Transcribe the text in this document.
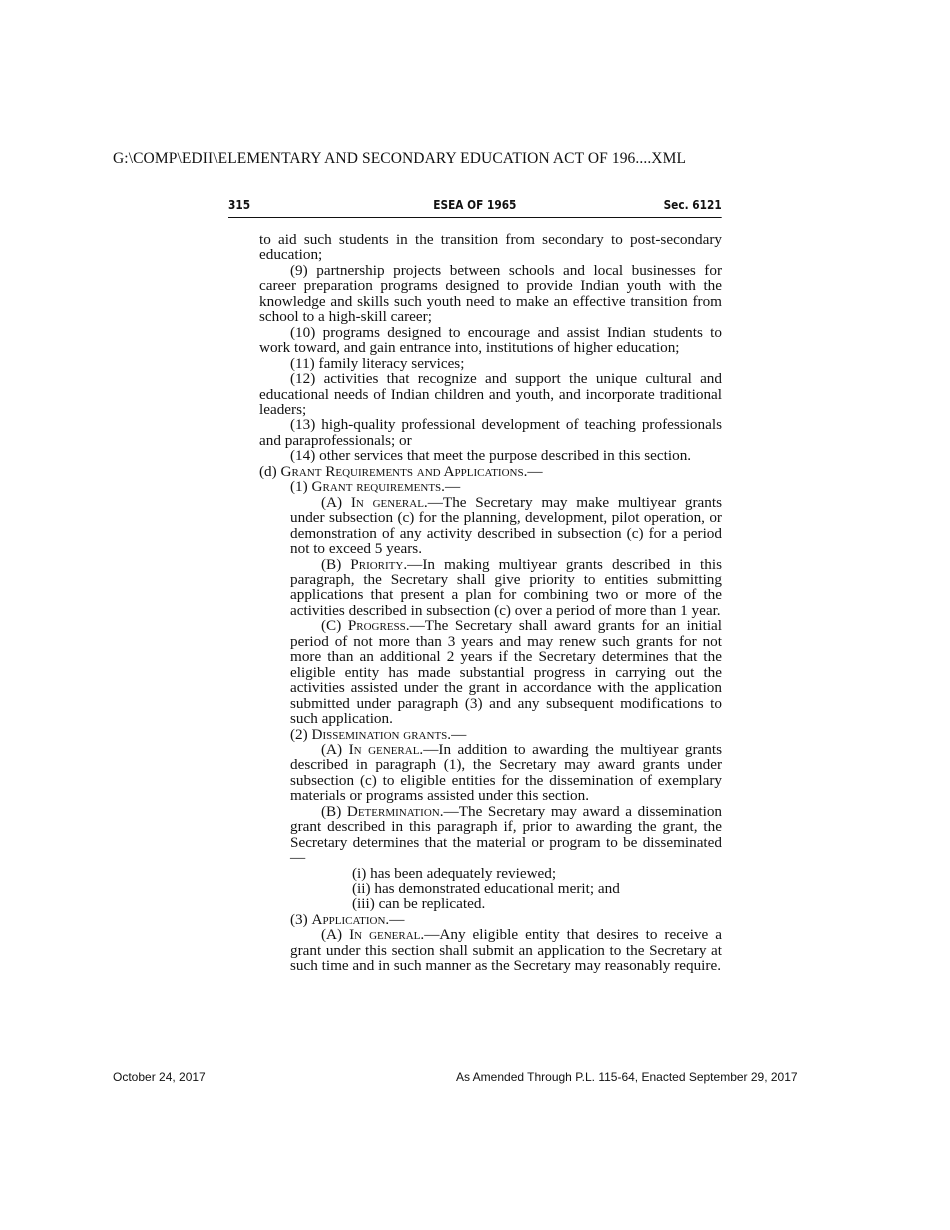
G:\COMP\EDII\ELEMENTARY AND SECONDARY EDUCATION ACT OF 196....XML
315	ESEA OF 1965	Sec. 6121

to aid such students in the transition from secondary to post-secondary education;

(9) partnership projects between schools and local businesses for career preparation programs designed to provide Indian youth with the knowledge and skills such youth need to make an effective transition from school to a high-skill career;

(10) programs designed to encourage and assist Indian students to work toward, and gain entrance into, institutions of higher education;

(11) family literacy services;

(12) activities that recognize and support the unique cultural and educational needs of Indian children and youth, and incorporate traditional leaders;

(13) high-quality professional development of teaching professionals and paraprofessionals; or

(14) other services that meet the purpose described in this section.

(d) Grant Requirements and Applications.—

(1) Grant requirements.—

(A) In general.—The Secretary may make multiyear grants under subsection (c) for the planning, development, pilot operation, or demonstration of any activity described in subsection (c) for a period not to exceed 5 years.

(B) Priority.—In making multiyear grants described in this paragraph, the Secretary shall give priority to entities submitting applications that present a plan for combining two or more of the activities described in subsection (c) over a period of more than 1 year.

(C) Progress.—The Secretary shall award grants for an initial period of not more than 3 years and may renew such grants for not more than an additional 2 years if the Secretary determines that the eligible entity has made substantial progress in carrying out the activities assisted under the grant in accordance with the application submitted under paragraph (3) and any subsequent modifications to such application.

(2) Dissemination grants.—

(A) In general.—In addition to awarding the multiyear grants described in paragraph (1), the Secretary may award grants under subsection (c) to eligible entities for the dissemination of exemplary materials or programs assisted under this section.

(B) Determination.—The Secretary may award a dissemination grant described in this paragraph if, prior to awarding the grant, the Secretary determines that the material or program to be disseminated—

(i) has been adequately reviewed;

(ii) has demonstrated educational merit; and

(iii) can be replicated.

(3) Application.—

(A) In general.—Any eligible entity that desires to receive a grant under this section shall submit an application to the Secretary at such time and in such manner as the Secretary may reasonably require.

October 24, 2017	As Amended Through P.L. 115-64, Enacted September 29, 2017
